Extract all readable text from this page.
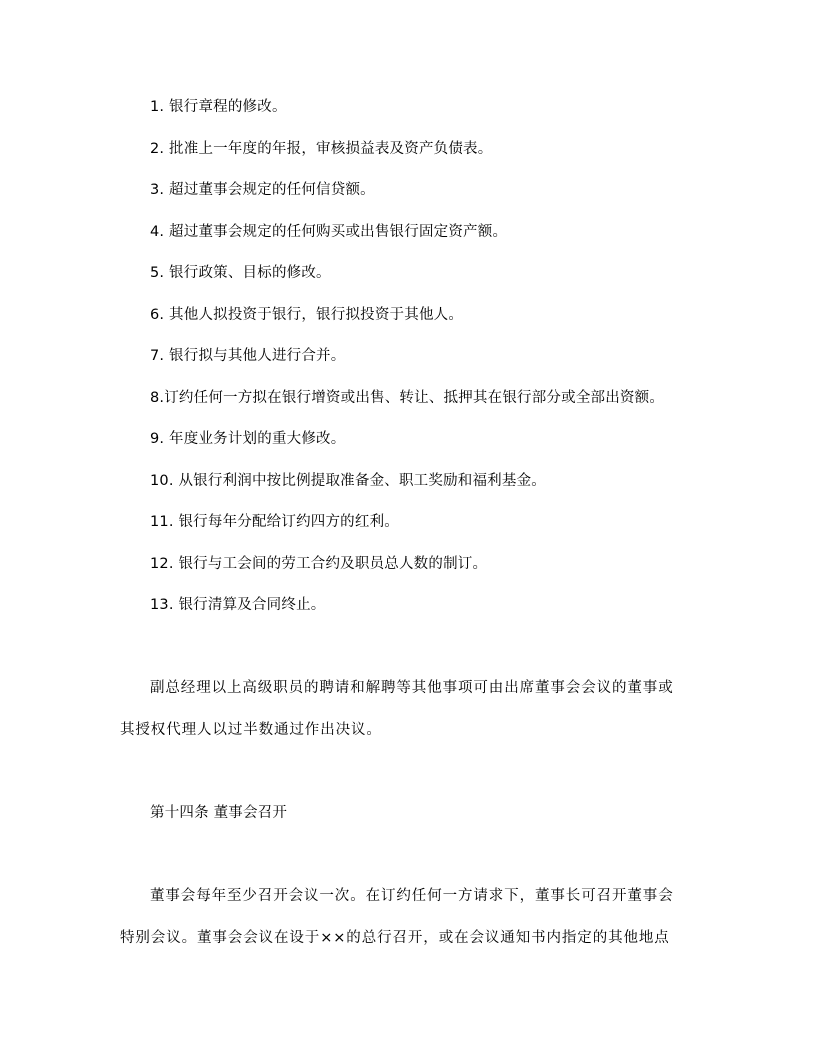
1. 银行章程的修改。
2. 批准上一年度的年报，审核损益表及资产负债表。
3. 超过董事会规定的任何信贷额。
4. 超过董事会规定的任何购买或出售银行固定资产额。
5. 银行政策、目标的修改。
6. 其他人拟投资于银行，银行拟投资于其他人。
7. 银行拟与其他人进行合并。
8.订约任何一方拟在银行增资或出售、转让、抵押其在银行部分或全部出资额。
9. 年度业务计划的重大修改。
10. 从银行利润中按比例提取准备金、职工奖励和福利基金。
11. 银行每年分配给订约四方的红利。
12. 银行与工会间的劳工合约及职员总人数的制订。
13. 银行清算及合同终止。
副总经理以上高级职员的聘请和解聘等其他事项可由出席董事会会议的董事或
其授权代理人以过半数通过作出决议。
第十四条 董事会召开
董事会每年至少召开会议一次。在订约任何一方请求下，董事长可召开董事会
特别会议。董事会会议在设于××的总行召开，或在会议通知书内指定的其他地点
